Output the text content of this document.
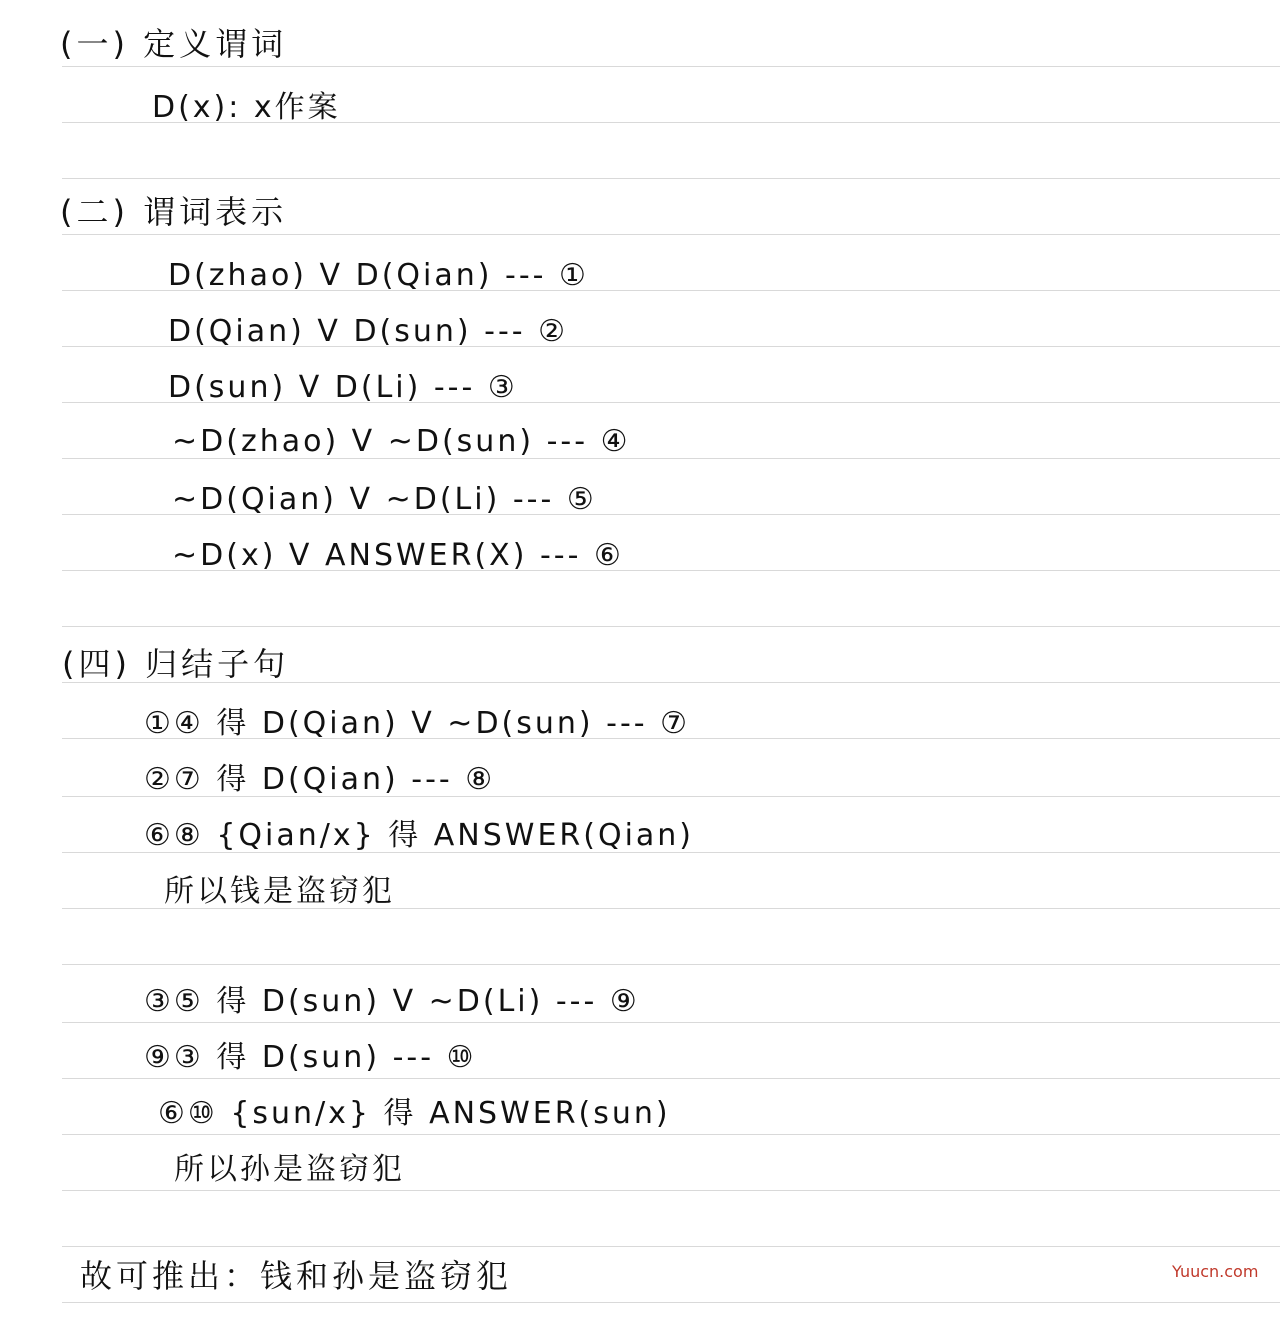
(一) 定义谓词
D(x): x作案
(二) 谓词表示
D(zhao) V D(Qian) --- ①
D(Qian) V D(sun) --- ②
D(sun) V D(Li) --- ③
~D(zhao) V ~D(sun) --- ④
~D(Qian) V ~D(Li) --- ⑤
~D(x) V ANSWER(X) --- ⑥
(四) 归结子句
①④ 得 D(Qian) V ~D(sun) --- ⑦
②⑦ 得 D(Qian) --- ⑧
⑥⑧ {Qian/x} 得 ANSWER(Qian)
所以钱是盗窃犯
③⑤ 得 D(sun) V ~D(Li) --- ⑨
⑨③ 得 D(sun) --- ⑩
⑥⑩ {sun/x} 得 ANSWER(sun)
所以孙是盗窃犯
故可推出：钱和孙是盗窃犯	Yuucn.com
